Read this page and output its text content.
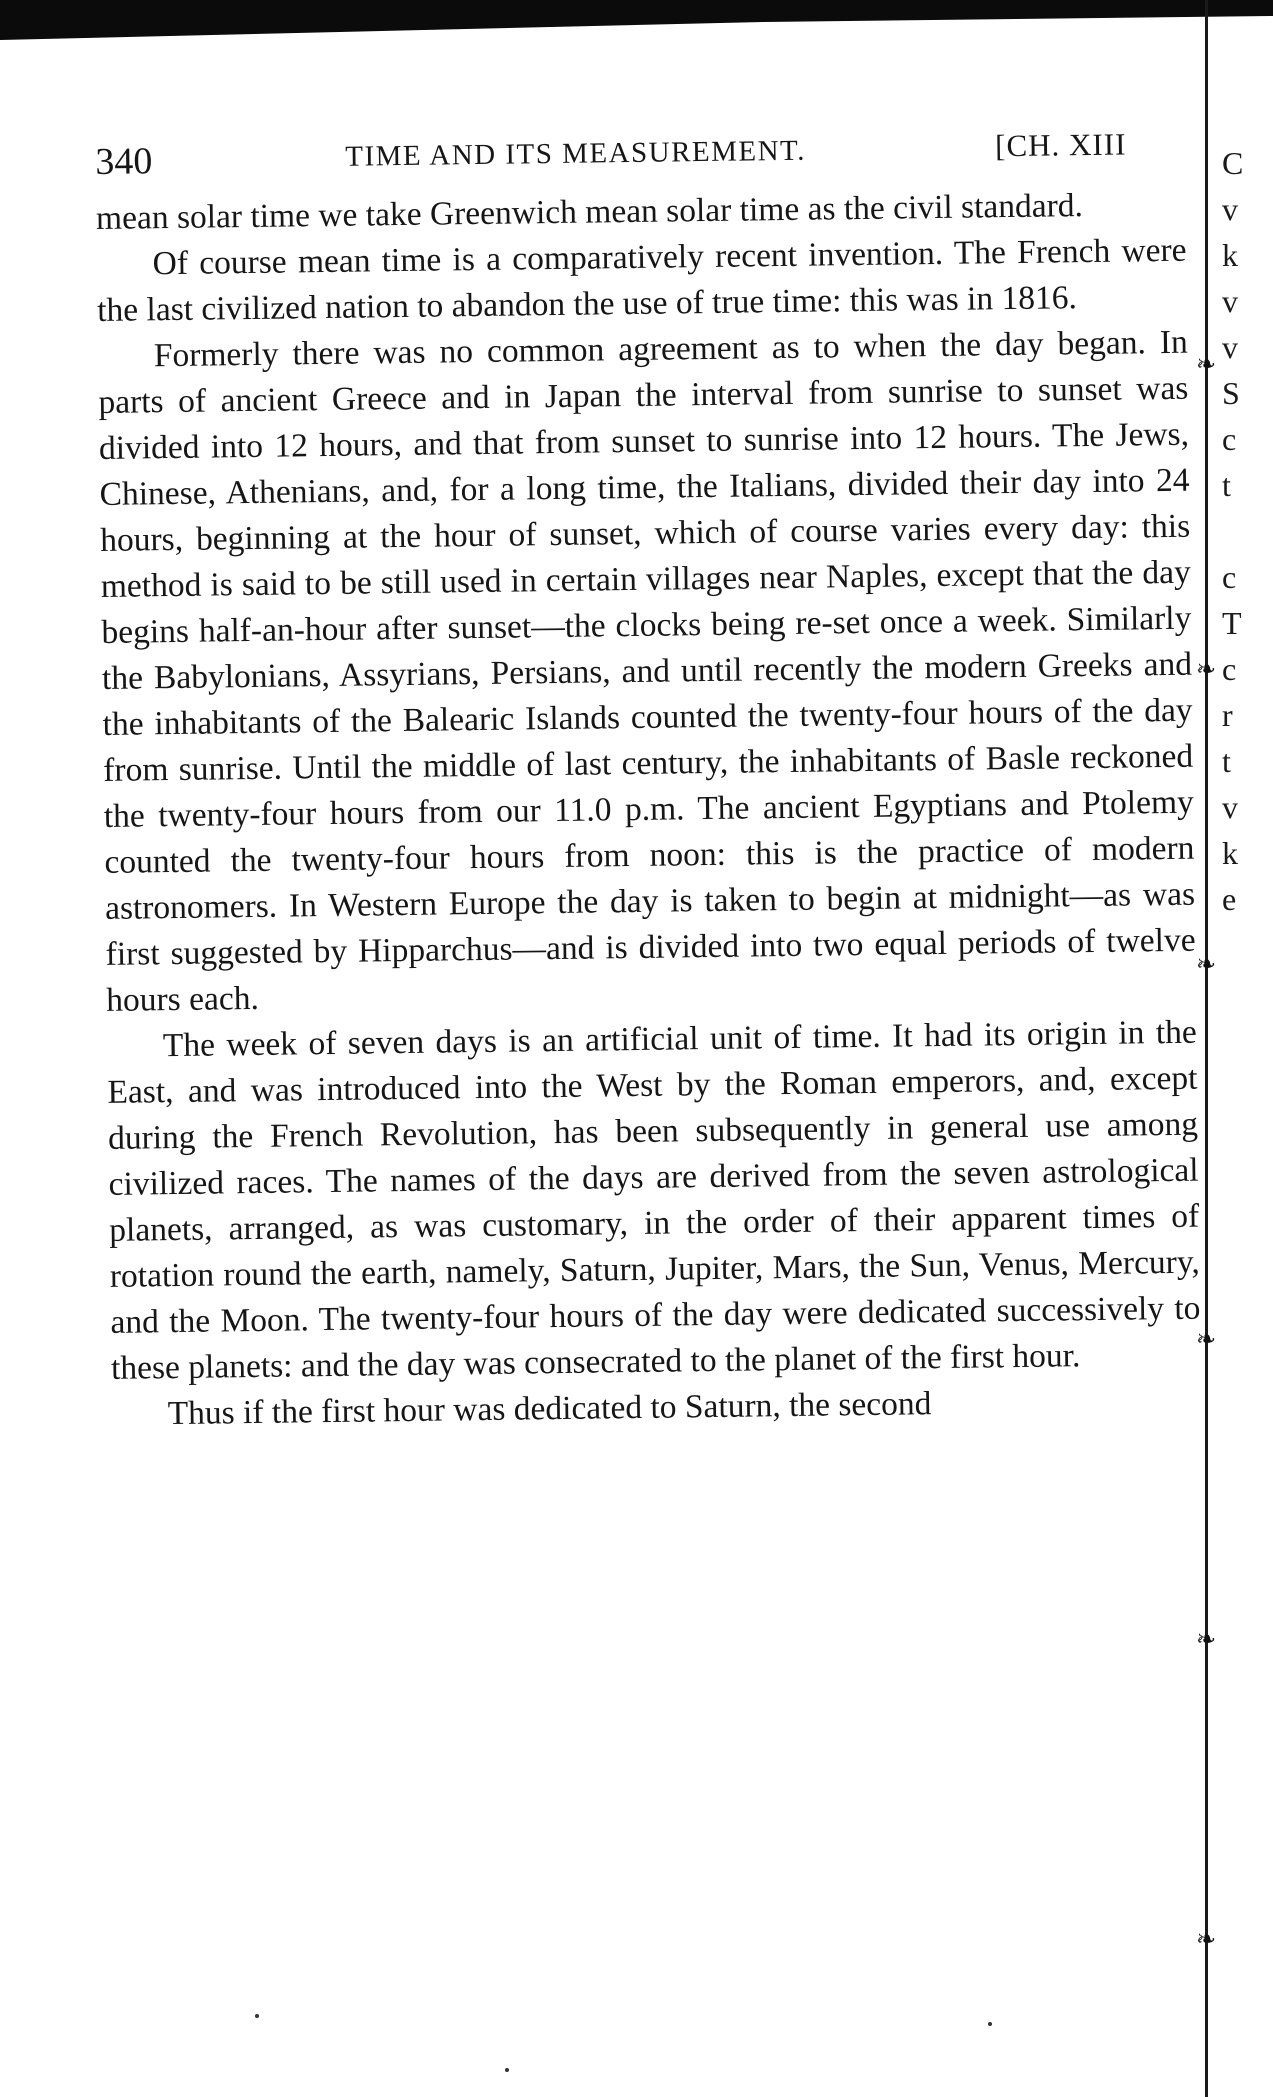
340	TIME AND ITS MEASUREMENT.	[CH. XIII

mean solar time we take Greenwich mean solar time as the civil standard.

Of course mean time is a comparatively recent invention. The French were the last civilized nation to abandon the use of true time: this was in 1816.

Formerly there was no common agreement as to when the day began. In parts of ancient Greece and in Japan the interval from sunrise to sunset was divided into 12 hours, and that from sunset to sunrise into 12 hours. The Jews, Chinese, Athenians, and, for a long time, the Italians, divided their day into 24 hours, beginning at the hour of sunset, which of course varies every day: this method is said to be still used in certain villages near Naples, except that the day begins half-an-hour after sunset—the clocks being re-set once a week. Similarly the Babylonians, Assyrians, Persians, and until recently the modern Greeks and the inhabitants of the Balearic Islands counted the twenty-four hours of the day from sunrise. Until the middle of last century, the inhabitants of Basle reckoned the twenty-four hours from our 11.0 p.m. The ancient Egyptians and Ptolemy counted the twenty-four hours from noon: this is the practice of modern astronomers. In Western Europe the day is taken to begin at midnight—as was first suggested by Hipparchus—and is divided into two equal periods of twelve hours each.

The week of seven days is an artificial unit of time. It had its origin in the East, and was introduced into the West by the Roman emperors, and, except during the French Revolution, has been subsequently in general use among civilized races. The names of the days are derived from the seven astrological planets, arranged, as was customary, in the order of their apparent times of rotation round the earth, namely, Saturn, Jupiter, Mars, the Sun, Venus, Mercury, and the Moon. The twenty-four hours of the day were dedicated successively to these planets: and the day was consecrated to the planet of the first hour.

Thus if the first hour was dedicated to Saturn, the second

C
v
k
v
v
S
c
t
c
T
c
r
t
v
k
e
❧
❧
❧
❧
❧
❧
